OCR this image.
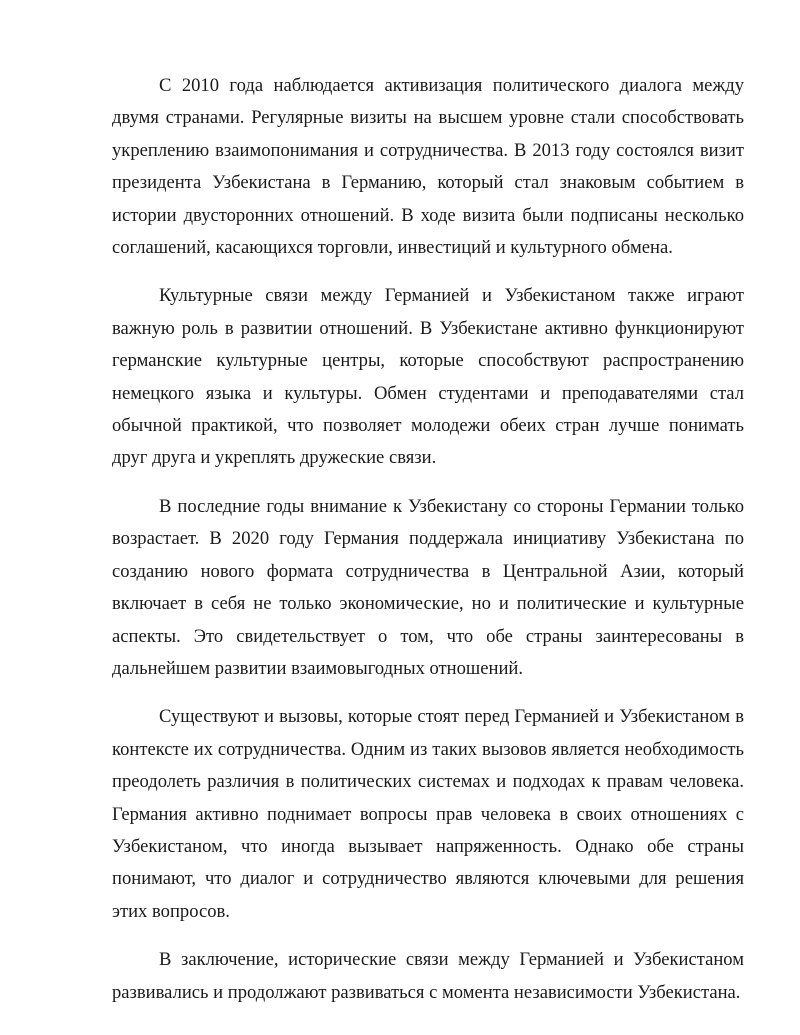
С 2010 года наблюдается активизация политического диалога между двумя странами. Регулярные визиты на высшем уровне стали способствовать укреплению взаимопонимания и сотрудничества. В 2013 году состоялся визит президента Узбекистана в Германию, который стал знаковым событием в истории двусторонних отношений. В ходе визита были подписаны несколько соглашений, касающихся торговли, инвестиций и культурного обмена.

Культурные связи между Германией и Узбекистаном также играют важную роль в развитии отношений. В Узбекистане активно функционируют германские культурные центры, которые способствуют распространению немецкого языка и культуры. Обмен студентами и преподавателями стал обычной практикой, что позволяет молодежи обеих стран лучше понимать друг друга и укреплять дружеские связи.

В последние годы внимание к Узбекистану со стороны Германии только возрастает. В 2020 году Германия поддержала инициативу Узбекистана по созданию нового формата сотрудничества в Центральной Азии, который включает в себя не только экономические, но и политические и культурные аспекты. Это свидетельствует о том, что обе страны заинтересованы в дальнейшем развитии взаимовыгодных отношений.

Существуют и вызовы, которые стоят перед Германией и Узбекистаном в контексте их сотрудничества. Одним из таких вызовов является необходимость преодолеть различия в политических системах и подходах к правам человека. Германия активно поднимает вопросы прав человека в своих отношениях с Узбекистаном, что иногда вызывает напряженность. Однако обе страны понимают, что диалог и сотрудничество являются ключевыми для решения этих вопросов.

В заключение, исторические связи между Германией и Узбекистаном развивались и продолжают развиваться с момента независимости Узбекистана.
